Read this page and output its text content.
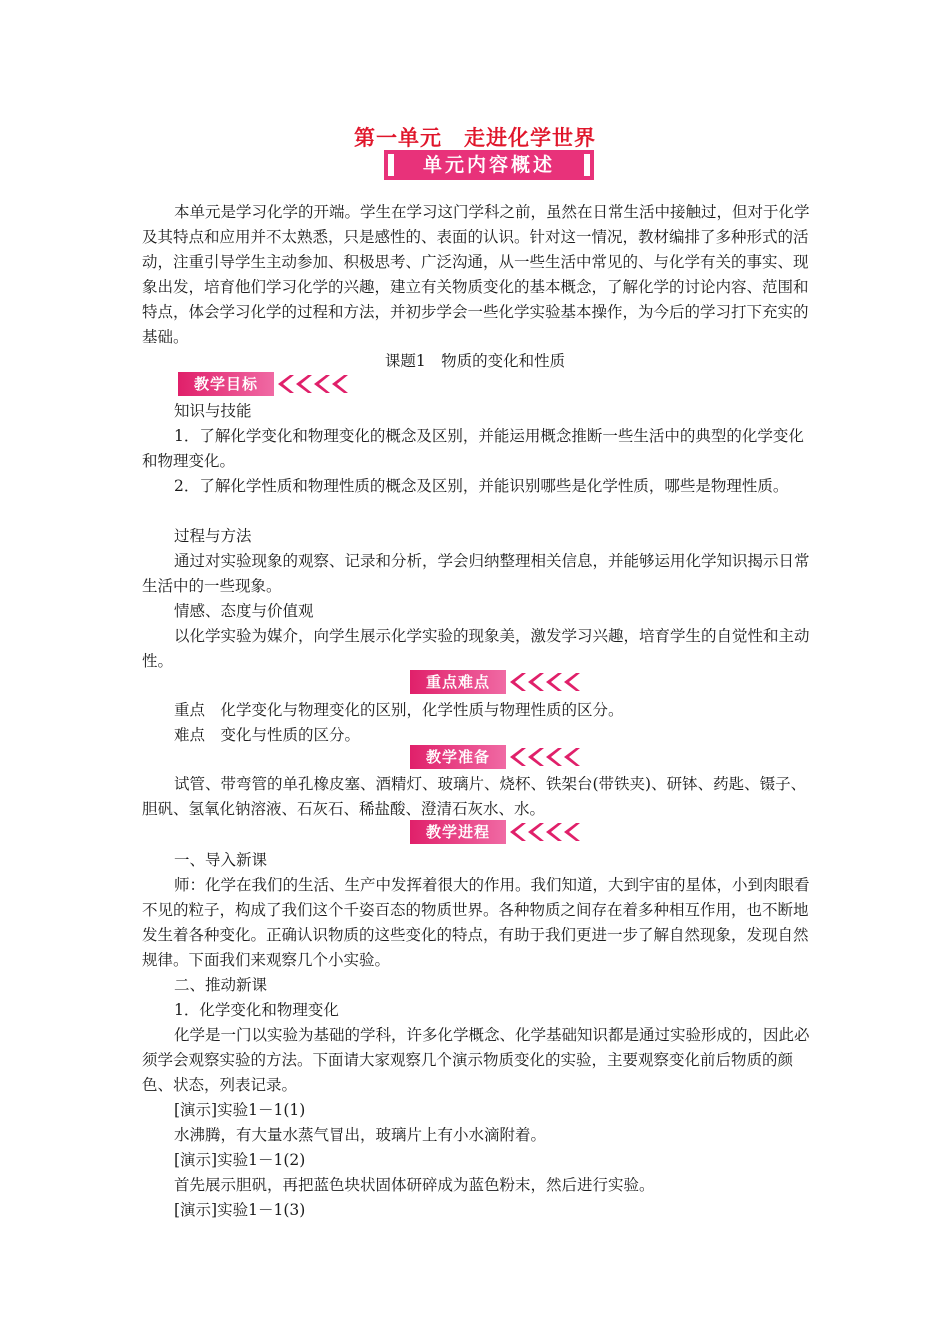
第一单元　走进化学世界
单元内容概述

本单元是学习化学的开端。学生在学习这门学科之前，虽然在日常生活中接触过，但对于化学及其特点和应用并不太熟悉，只是感性的、表面的认识。针对这一情况，教材编排了多种形式的活动，注重引导学生主动参加、积极思考、广泛沟通，从一些生活中常见的、与化学有关的事实、现象出发，培育他们学习化学的兴趣，建立有关物质变化的基本概念，了解化学的讨论内容、范围和特点，体会学习化学的过程和方法，并初步学会一些化学实验基本操作，为今后的学习打下充实的基础。

课题1　物质的变化和性质
教学目标
知识与技能

1．了解化学变化和物理变化的概念及区别，并能运用概念推断一些生活中的典型的化学变化和物理变化。

2．了解化学性质和物理性质的概念及区别，并能识别哪些是化学性质，哪些是物理性质。

过程与方法

通过对实验现象的观察、记录和分析，学会归纳整理相关信息，并能够运用化学知识揭示日常生活中的一些现象。

情感、态度与价值观

以化学实验为媒介，向学生展示化学实验的现象美，激发学习兴趣，培育学生的自觉性和主动性。

重点难点
重点　化学变化与物理变化的区别，化学性质与物理性质的区分。
难点　变化与性质的区分。
教学准备

试管、带弯管的单孔橡皮塞、酒精灯、玻璃片、烧杯、铁架台(带铁夹)、研钵、药匙、镊子、胆矾、氢氧化钠溶液、石灰石、稀盐酸、澄清石灰水、水。

教学进程
一、导入新课

师：化学在我们的生活、生产中发挥着很大的作用。我们知道，大到宇宙的星体，小到肉眼看不见的粒子，构成了我们这个千姿百态的物质世界。各种物质之间存在着多种相互作用，也不断地发生着各种变化。正确认识物质的这些变化的特点，有助于我们更进一步了解自然现象，发现自然规律。下面我们来观察几个小实验。

二、推动新课
1．化学变化和物理变化

化学是一门以实验为基础的学科，许多化学概念、化学基础知识都是通过实验形成的，因此必须学会观察实验的方法。下面请大家观察几个演示物质变化的实验，主要观察变化前后物质的颜色、状态，列表记录。

[演示]实验1－1(1)
水沸腾，有大量水蒸气冒出，玻璃片上有小水滴附着。
[演示]实验1－1(2)
首先展示胆矾，再把蓝色块状固体研碎成为蓝色粉末，然后进行实验。
[演示]实验1－1(3)
